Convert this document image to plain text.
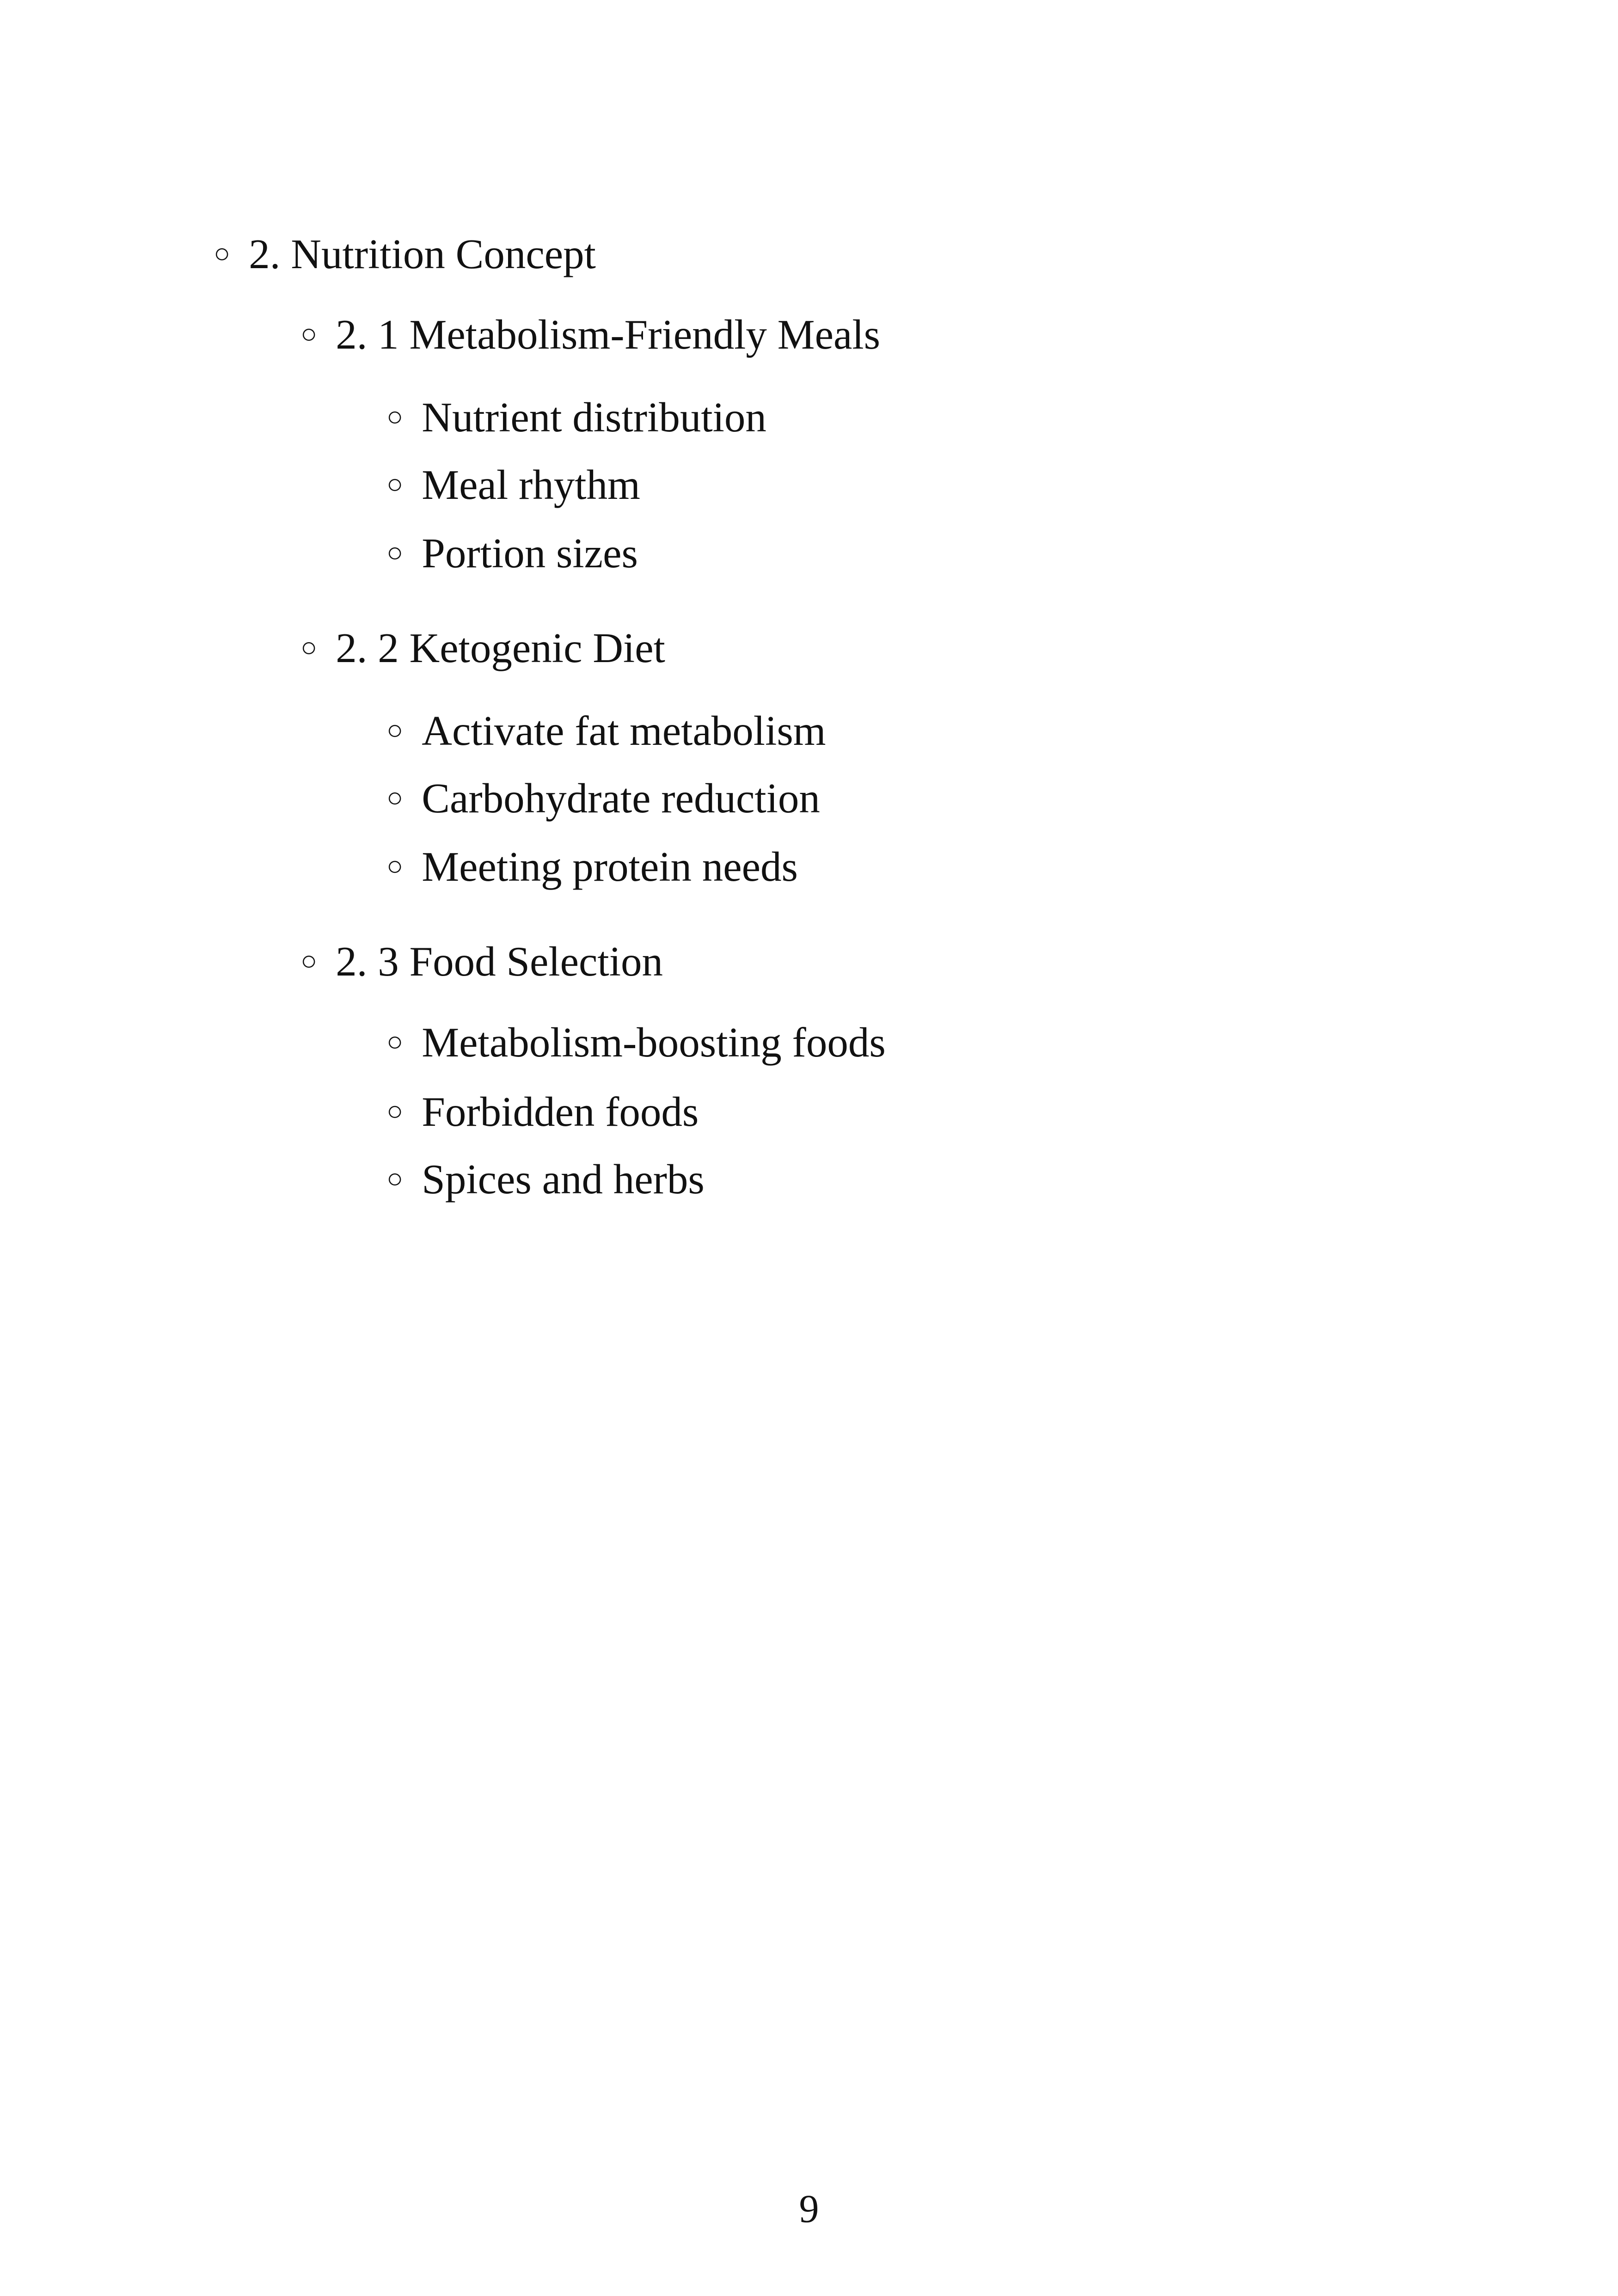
○ 2. Nutrition Concept
○ 2. 1 Metabolism-Friendly Meals
○ Nutrient distribution
○ Meal rhythm
○ Portion sizes
○ 2. 2 Ketogenic Diet
○ Activate fat metabolism
○ Carbohydrate reduction
○ Meeting protein needs
○ 2. 3 Food Selection
○ Metabolism-boosting foods
○ Forbidden foods
○ Spices and herbs
9
